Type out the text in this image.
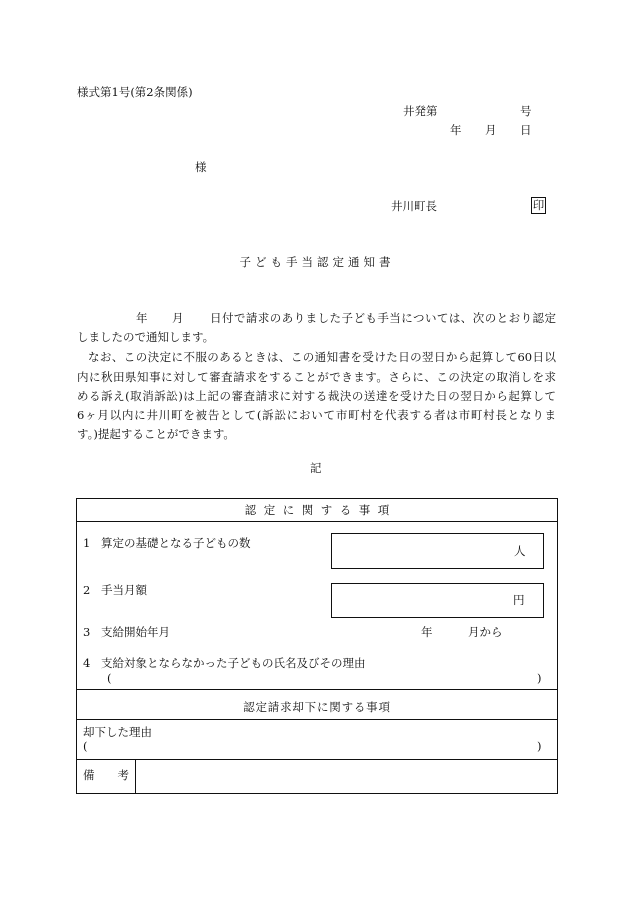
様式第1号(第2条関係)
井発第	号
年 月 日
様
井川町長	印
子ども手当認定通知書
年 月 日付で請求のありました子ども手当については、次のとおり認定
しましたので通知します。
なお、この決定に不服のあるときは、この通知書を受けた日の翌日から起算して60日以
内に秋田県知事に対して審査請求をすることができます。さらに、この決定の取消しを求
める訴え(取消訴訟)は上記の審査請求に対する裁決の送達を受けた日の翌日から起算して
6ヶ月以内に井川町を被告として(訴訟において市町村を代表する者は市町村長となりま
す。)提起することができます。
記
認定に関する事項
1 算定の基礎となる子どもの数
人
2 手当月額
円
3 支給開始年月	年	月から
4 支給対象とならなかった子どもの氏名及びその理由
(	)
認定請求却下に関する事項
却下した理由
(	)
備考
